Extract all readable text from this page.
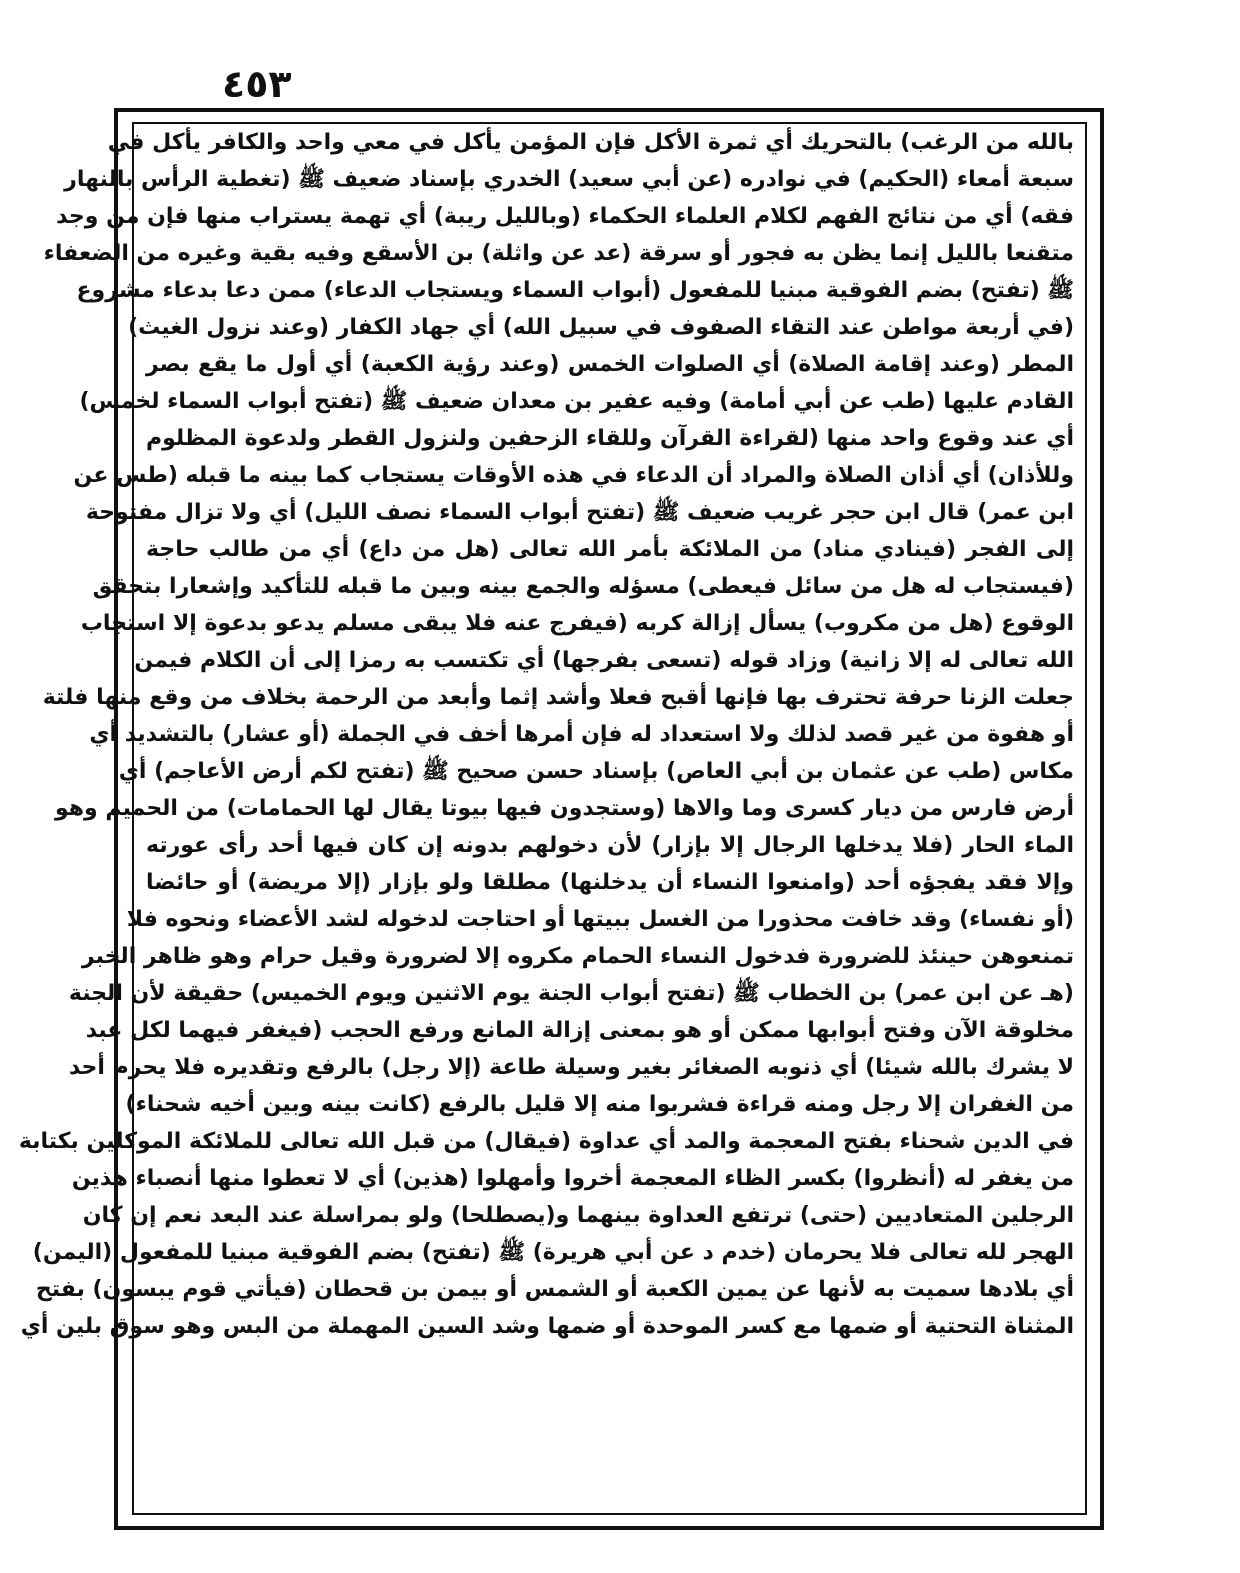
٤٥٣
بالله من الرغب) بالتحريك أي ثمرة الأكل فإن المؤمن يأكل في معي واحد والكافر يأكل في
سبعة أمعاء (الحكيم) في نوادره (عن أبي سعيد) الخدري بإسناد ضعيف ﷺ (تغطية الرأس بالنهار
فقه) أي من نتائج الفهم لكلام العلماء الحكماء (وبالليل ريبة) أي تهمة يستراب منها فإن من وجد
متقنعا بالليل إنما يظن به فجور أو سرقة (عد عن واثلة) بن الأسقع وفيه بقية وغيره من الضعفاء
ﷺ (تفتح) بضم الفوقية مبنيا للمفعول (أبواب السماء ويستجاب الدعاء) ممن دعا بدعاء مشروع
(في أربعة مواطن عند التقاء الصفوف في سبيل الله) أي جهاد الكفار (وعند نزول الغيث)
المطر (وعند إقامة الصلاة) أي الصلوات الخمس (وعند رؤية الكعبة) أي أول ما يقع بصر
القادم عليها (طب عن أبي أمامة) وفيه عفير بن معدان ضعيف ﷺ (تفتح أبواب السماء لخمس)
أي عند وقوع واحد منها (لقراءة القرآن وللقاء الزحفين ولنزول القطر ولدعوة المظلوم
وللأذان) أي أذان الصلاة والمراد أن الدعاء في هذه الأوقات يستجاب كما بينه ما قبله (طس عن
ابن عمر) قال ابن حجر غريب ضعيف ﷺ (تفتح أبواب السماء نصف الليل) أي ولا تزال مفتوحة
إلى الفجر (فينادي مناد) من الملائكة بأمر الله تعالى (هل من داع) أي من طالب حاجة
(فيستجاب له هل من سائل فيعطى) مسؤله والجمع بينه وبين ما قبله للتأكيد وإشعارا بتحقق
الوقوع (هل من مكروب) يسأل إزالة كربه (فيفرج عنه فلا يبقى مسلم يدعو بدعوة إلا استجاب
الله تعالى له إلا زانية) وزاد قوله (تسعى بفرجها) أي تكتسب به رمزا إلى أن الكلام فيمن
جعلت الزنا حرفة تحترف بها فإنها أقبح فعلا وأشد إثما وأبعد من الرحمة بخلاف من وقع منها فلتة
أو هفوة من غير قصد لذلك ولا استعداد له فإن أمرها أخف في الجملة (أو عشار) بالتشديد أي
مكاس (طب عن عثمان بن أبي العاص) بإسناد حسن صحيح ﷺ (تفتح لكم أرض الأعاجم) أي
أرض فارس من ديار كسرى وما والاها (وستجدون فيها بيوتا يقال لها الحمامات) من الحميم وهو
الماء الحار (فلا يدخلها الرجال إلا بإزار) لأن دخولهم بدونه إن كان فيها أحد رأى عورته
وإلا فقد يفجؤه أحد (وامنعوا النساء أن يدخلنها) مطلقا ولو بإزار (إلا مريضة) أو حائضا
(أو نفساء) وقد خافت محذورا من الغسل ببيتها أو احتاجت لدخوله لشد الأعضاء ونحوه فلا
تمنعوهن حينئذ للضرورة فدخول النساء الحمام مكروه إلا لضرورة وقيل حرام وهو ظاهر الخبر
(هـ عن ابن عمر) بن الخطاب ﷺ (تفتح أبواب الجنة يوم الاثنين ويوم الخميس) حقيقة لأن الجنة
مخلوقة الآن وفتح أبوابها ممكن أو هو بمعنى إزالة المانع ورفع الحجب (فيغفر فيهما لكل عبد
لا يشرك بالله شيئا) أي ذنوبه الصغائر بغير وسيلة طاعة (إلا رجل) بالرفع وتقديره فلا يحرم أحد
من الغفران إلا رجل ومنه قراءة فشربوا منه إلا قليل بالرفع (كانت بينه وبين أخيه شحناء)
في الدين شحناء بفتح المعجمة والمد أي عداوة (فيقال) من قبل الله تعالى للملائكة الموكلين بكتابة
من يغفر له (أنظروا) بكسر الظاء المعجمة أخروا وأمهلوا (هذين) أي لا تعطوا منها أنصباء هذين
الرجلين المتعاديين (حتى) ترتفع العداوة بينهما و(يصطلحا) ولو بمراسلة عند البعد نعم إن كان
الهجر لله تعالى فلا يحرمان (خدم د عن أبي هريرة) ﷺ (تفتح) بضم الفوقية مبنيا للمفعول (اليمن)
أي بلادها سميت به لأنها عن يمين الكعبة أو الشمس أو بيمن بن قحطان (فيأتي قوم يبسون) بفتح
المثناة التحتية أو ضمها مع كسر الموحدة أو ضمها وشد السين المهملة من البس وهو سوق بلين أي
